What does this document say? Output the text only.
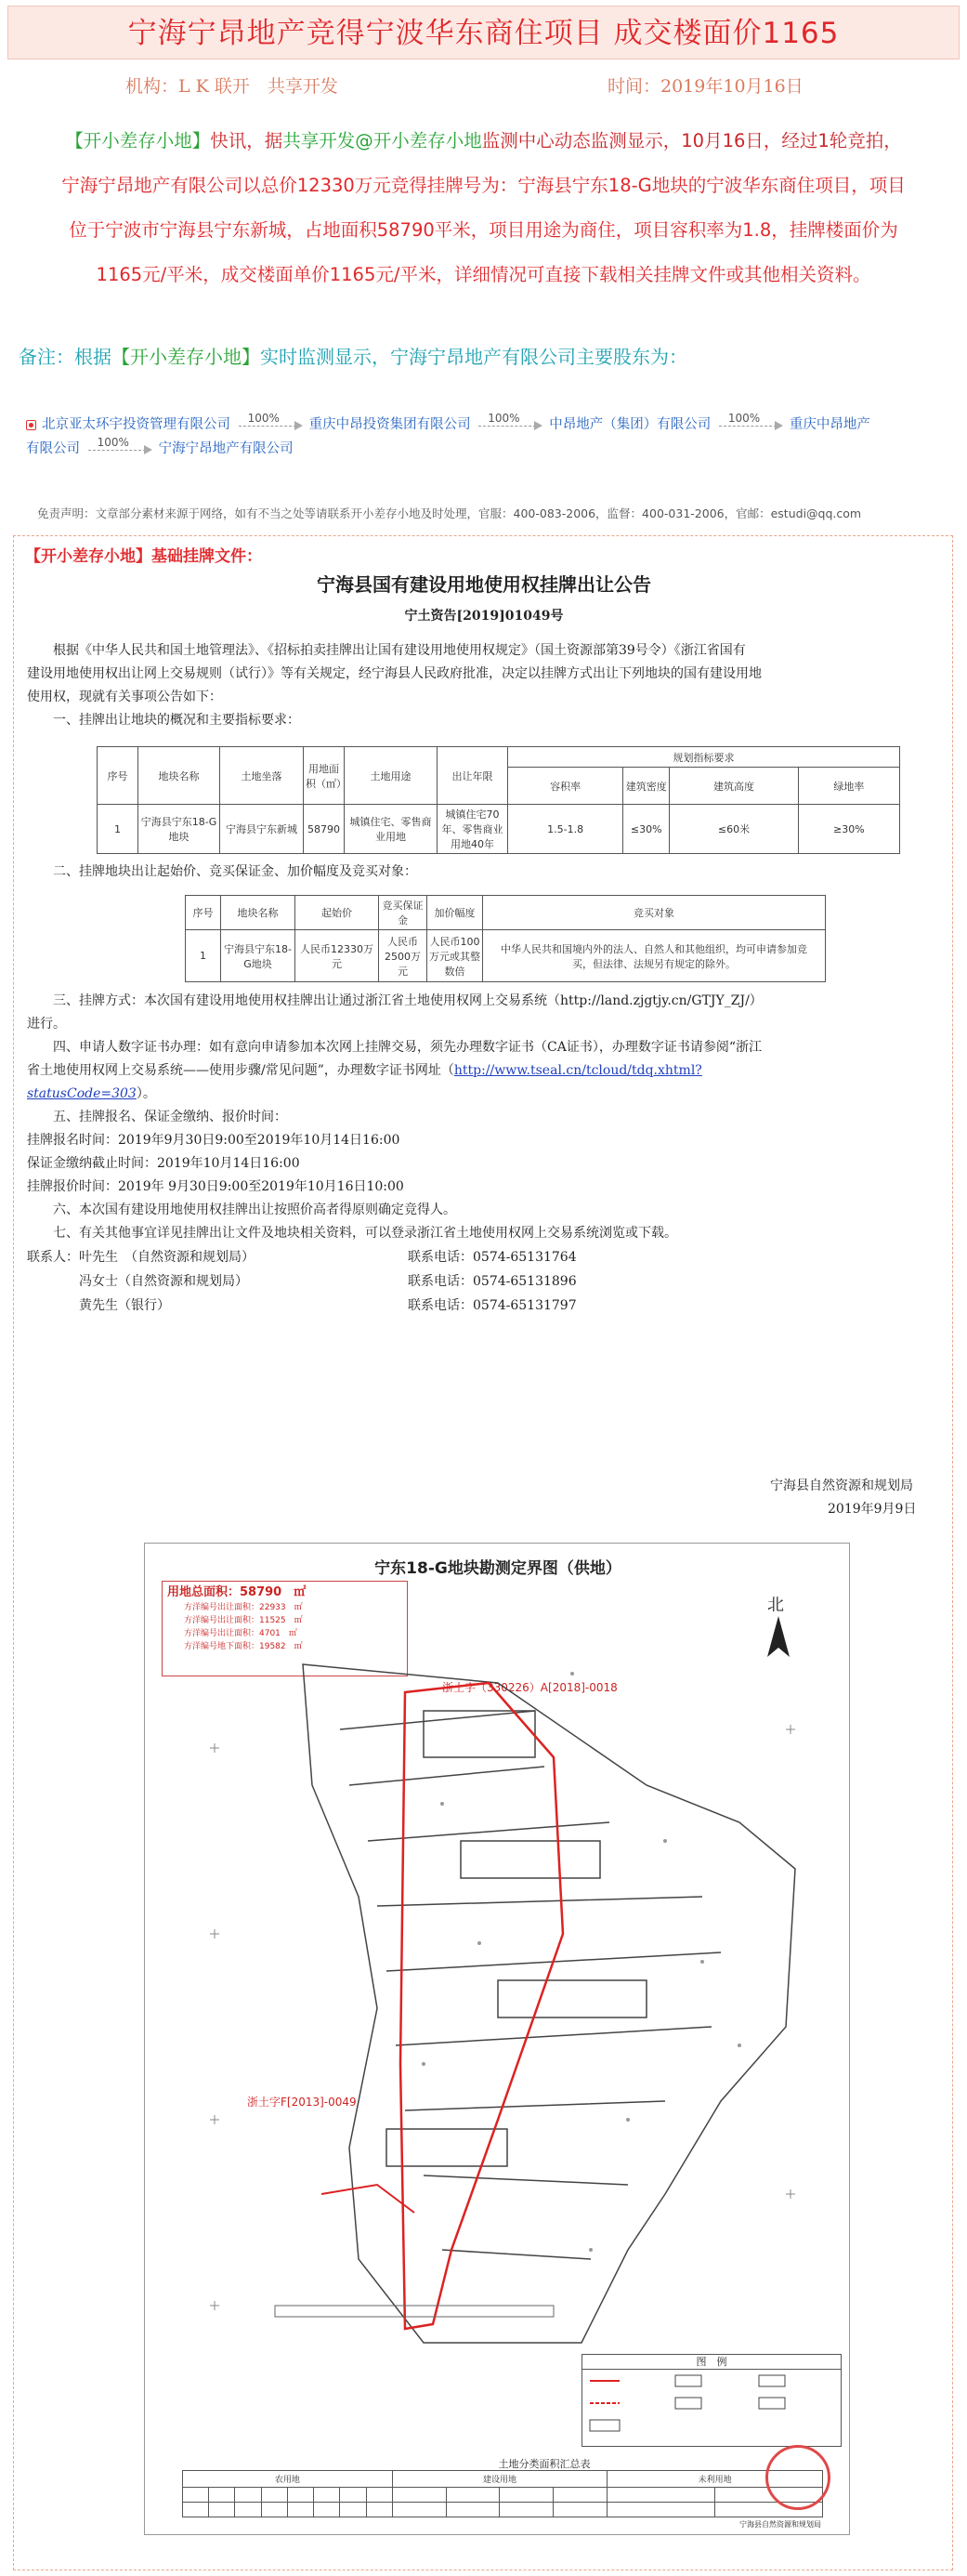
宁海宁昂地产竞得宁波华东商住项目 成交楼面价1165
机构：L K 联开　共享开发	时间：2019年10月16日
【开小差存小地】快讯，据共享开发@开小差存小地监测中心动态监测显示，10月16日，经过1轮竞拍，
宁海宁昂地产有限公司以总价12330万元竞得挂牌号为：宁海县宁东18-G地块的宁波华东商住项目，项目
位于宁波市宁海县宁东新城，占地面积58790平米，项目用途为商住，项目容积率为1.8，挂牌楼面价为
1165元/平米，成交楼面单价1165元/平米，详细情况可直接下载相关挂牌文件或其他相关资料。
备注：根据【开小差存小地】实时监测显示，宁海宁昂地产有限公司主要股东为：
北京亚太环宇投资管理有限公司 100% 重庆中昂投资集团有限公司 100% 中昂地产（集团）有限公司 100% 重庆中昂地产
有限公司 100% 宁海宁昂地产有限公司
免责声明：文章部分素材来源于网络，如有不当之处等请联系开小差存小地及时处理，官服：400-083-2006，监督：400-031-2006，官邮：estudi@qq.com
【开小差存小地】基础挂牌文件：
宁海县国有建设用地使用权挂牌出让公告
宁土资告[2019]01049号

根据《中华人民共和国土地管理法》、《招标拍卖挂牌出让国有建设用地使用权规定》（国土资源部第39号令）《浙江省国有

建设用地使用权出让网上交易规则（试行）》等有关规定，经宁海县人民政府批准，决定以挂牌方式出让下列地块的国有建设用地

使用权，现就有关事项公告如下：

一、挂牌出让地块的概况和主要指标要求：

序号	地块名称	土地坐落	用地面积（㎡）	土地用途	出让年限	规划指标要求			
						容积率	建筑密度	建筑高度	绿地率
1	宁海县宁东18-G地块	宁海县宁东新城	58790	城镇住宅、零售商业用地	城镇住宅70年、零售商业用地40年	1.5-1.8	≤30%	≤60米	≥30%

二、挂牌地块出让起始价、竞买保证金、加价幅度及竞买对象：

序号	地块名称	起始价	竞买保证金	加价幅度	竞买对象
1	宁海县宁东18-G地块	人民币12330万元	人民币2500万元	人民币100万元或其整数倍	中华人民共和国境内外的法人、自然人和其他组织，均可申请参加竞买，但法律、法规另有规定的除外。

三、挂牌方式：本次国有建设用地使用权挂牌出让通过浙江省土地使用权网上交易系统（http://land.zjgtjy.cn/GTJY_ZJ/）

进行。

四、申请人数字证书办理：如有意向申请参加本次网上挂牌交易，须先办理数字证书（CA证书），办理数字证书请参阅“浙江

省土地使用权网上交易系统——使用步骤/常见问题”，办理数字证书网址（http://www.tseal.cn/tcloud/tdq.xhtml?

statusCode=303）。

五、挂牌报名、保证金缴纳、报价时间：

挂牌报名时间：2019年9月30日9:00至2019年10月14日16:00

保证金缴纳截止时间：2019年10月14日16:00

挂牌报价时间：2019年 9月30日9:00至2019年10月16日10:00

六、本次国有建设用地使用权挂牌出让按照价高者得原则确定竞得人。

七、有关其他事宜详见挂牌出让文件及地块相关资料，可以登录浙江省土地使用权网上交易系统浏览或下载。

联系人：叶先生　（自然资源和规划局）	联系电话：0574-65131764
冯女士（自然资源和规划局）	联系电话：0574-65131896
黄先生（银行）	联系电话：0574-65131797
宁海县自然资源和规划局
2019年9月9日
宁东18-G地块勘测定界图（供地）
用地总面积：58790　㎡
　　方洋编号出让面积：22933　㎡
　　方洋编号出让面积：11525　㎡
　　方洋编号出让面积：4701　㎡
　　方洋编号地下面积：19582　㎡
北
浙土字（330226）A[2018]-0018
浙土字F[2013]-0049
图　例
土地分类面积汇总表
农用地								建设用地				未利用地	

宁海县自然资源和规划局
